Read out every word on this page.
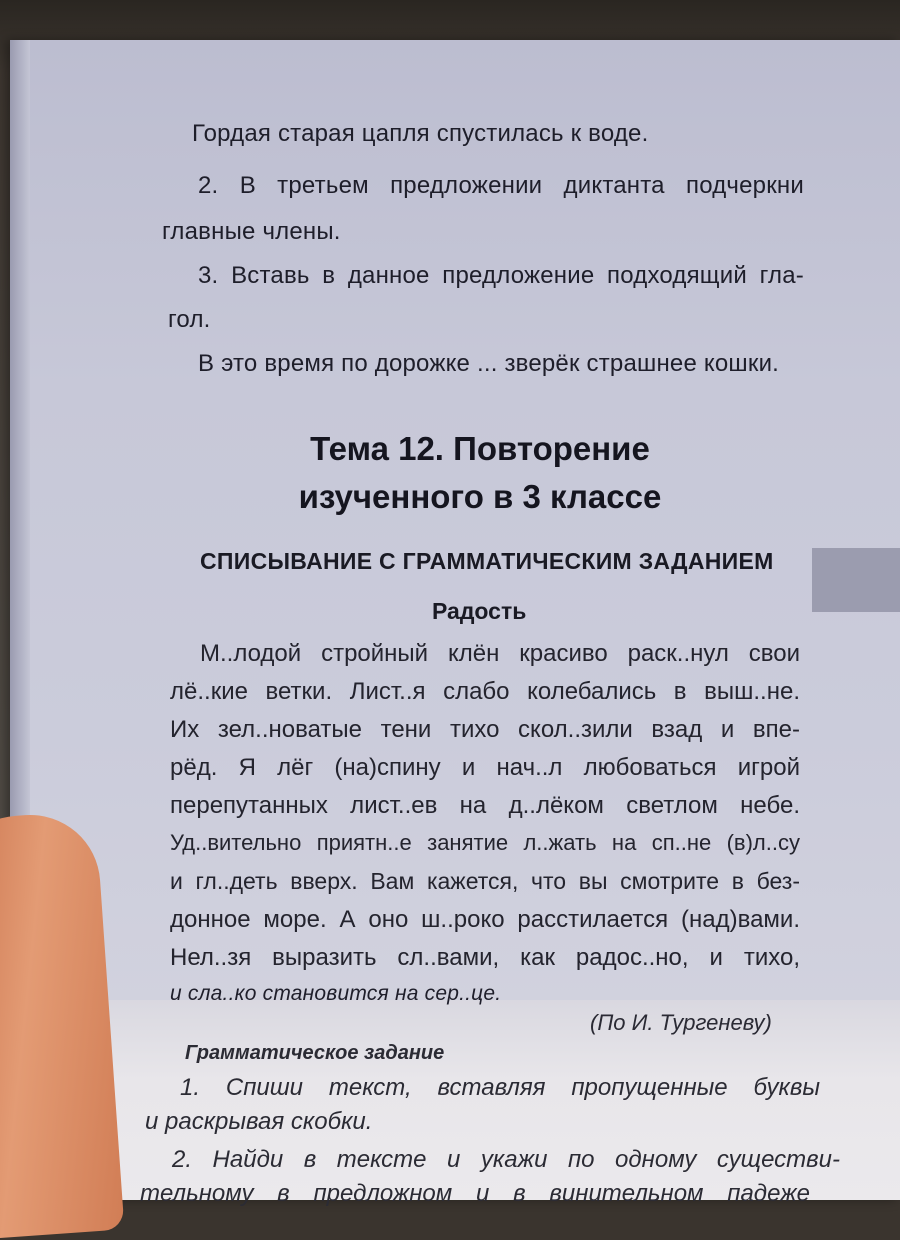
Гордая старая цапля спустилась к воде.
2. В третьем предложении диктанта подчеркни
главные члены.
3. Вставь в данное предложение подходящий гла-
гол.
В это время по дорожке ... зверёк страшнее кошки.
Тема 12. Повторение
изученного в 3 классе
СПИСЫВАНИЕ С ГРАММАТИЧЕСКИМ ЗАДАНИЕМ
Радость
М..лодой стройный клён красиво раск..нул свои
лё..кие ветки. Лист..я слабо колебались в выш..не.
Их зел..новатые тени тихо скол..зили взад и впе-
рёд. Я лёг (на)спину и нач..л любоваться игрой
перепутанных лист..ев на д..лёком светлом небе.
Уд..вительно приятн..е занятие л..жать на сп..не (в)л..су
и гл..деть вверх. Вам кажется, что вы смотрите в без-
донное море. А оно ш..роко расстилается (над)вами.
Нел..зя выразить сл..вами, как радос..но, и тихо,
и сла..ко становится на сер..це.
(По И. Тургеневу)
Грамматическое задание
1. Спиши текст, вставляя пропущенные буквы
и раскрывая скобки.
2. Найди в тексте и укажи по одному существи-
тельному в предложном и в винительном падеже
